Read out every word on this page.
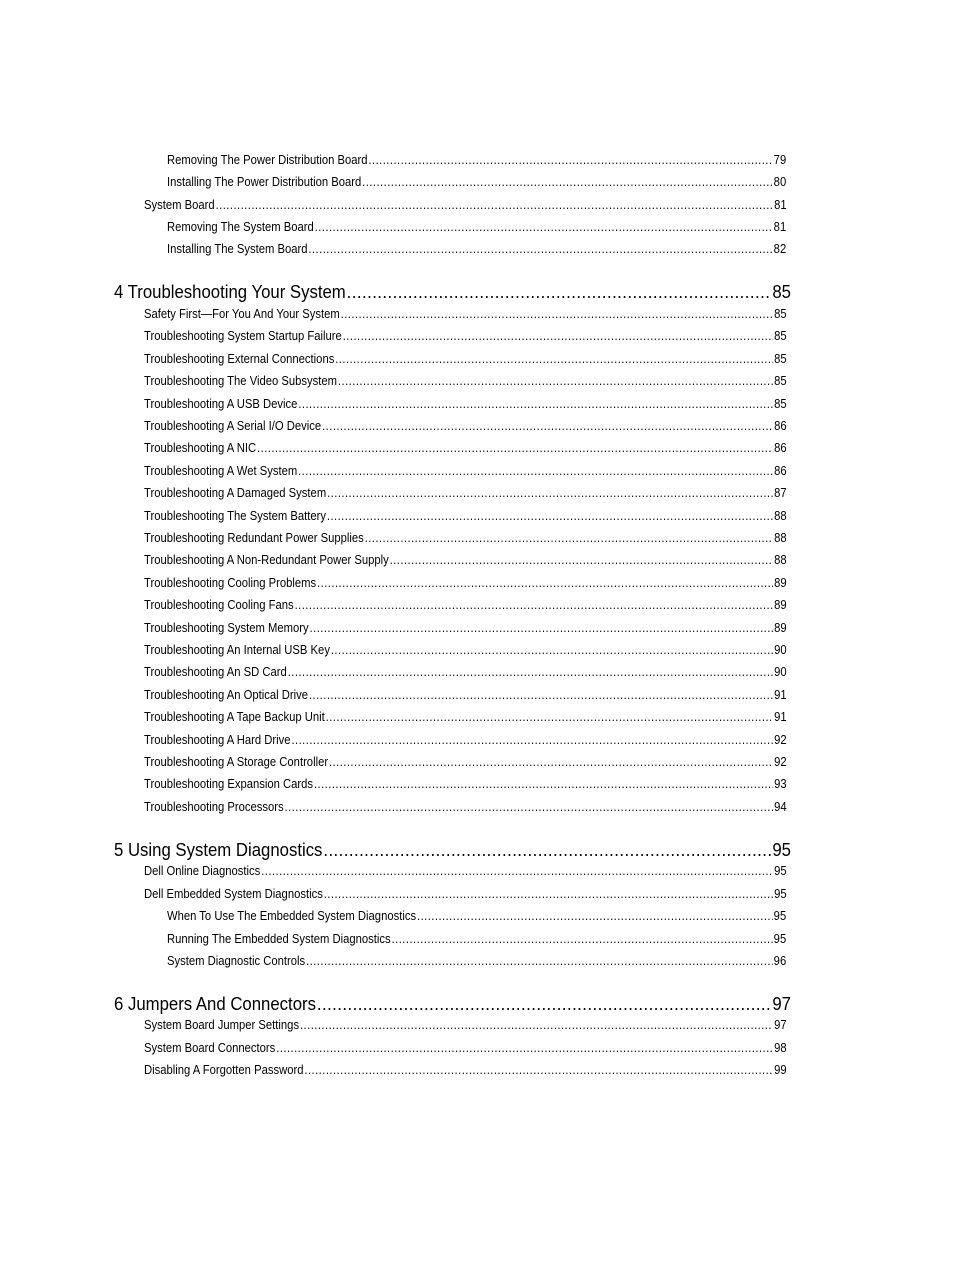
Removing The Power Distribution Board .....	79
Installing The Power Distribution Board .....	80
System Board .....	81
Removing The System Board .....	81
Installing The System Board .....	82
4 Troubleshooting Your System .....	85
Safety First—For You And Your System .....	85
Troubleshooting System Startup Failure .....	85
Troubleshooting External Connections .....	85
Troubleshooting The Video Subsystem .....	85
Troubleshooting A USB Device .....	85
Troubleshooting A Serial I/O Device .....	86
Troubleshooting A NIC .....	86
Troubleshooting A Wet System .....	86
Troubleshooting A Damaged System .....	87
Troubleshooting The System Battery .....	88
Troubleshooting Redundant Power Supplies .....	88
Troubleshooting A Non-Redundant Power Supply .....	88
Troubleshooting Cooling Problems .....	89
Troubleshooting Cooling Fans .....	89
Troubleshooting System Memory .....	89
Troubleshooting An Internal USB Key .....	90
Troubleshooting An SD Card .....	90
Troubleshooting An Optical Drive .....	91
Troubleshooting A Tape Backup Unit .....	91
Troubleshooting A Hard Drive .....	92
Troubleshooting A Storage Controller .....	92
Troubleshooting Expansion Cards .....	93
Troubleshooting Processors .....	94
5 Using System Diagnostics .....	95
Dell Online Diagnostics .....	95
Dell Embedded System Diagnostics .....	95
When To Use The Embedded System Diagnostics .....	95
Running The Embedded System Diagnostics .....	95
System Diagnostic Controls .....	96
6 Jumpers And Connectors .....	97
System Board Jumper Settings .....	97
System Board Connectors .....	98
Disabling A Forgotten Password .....	99
